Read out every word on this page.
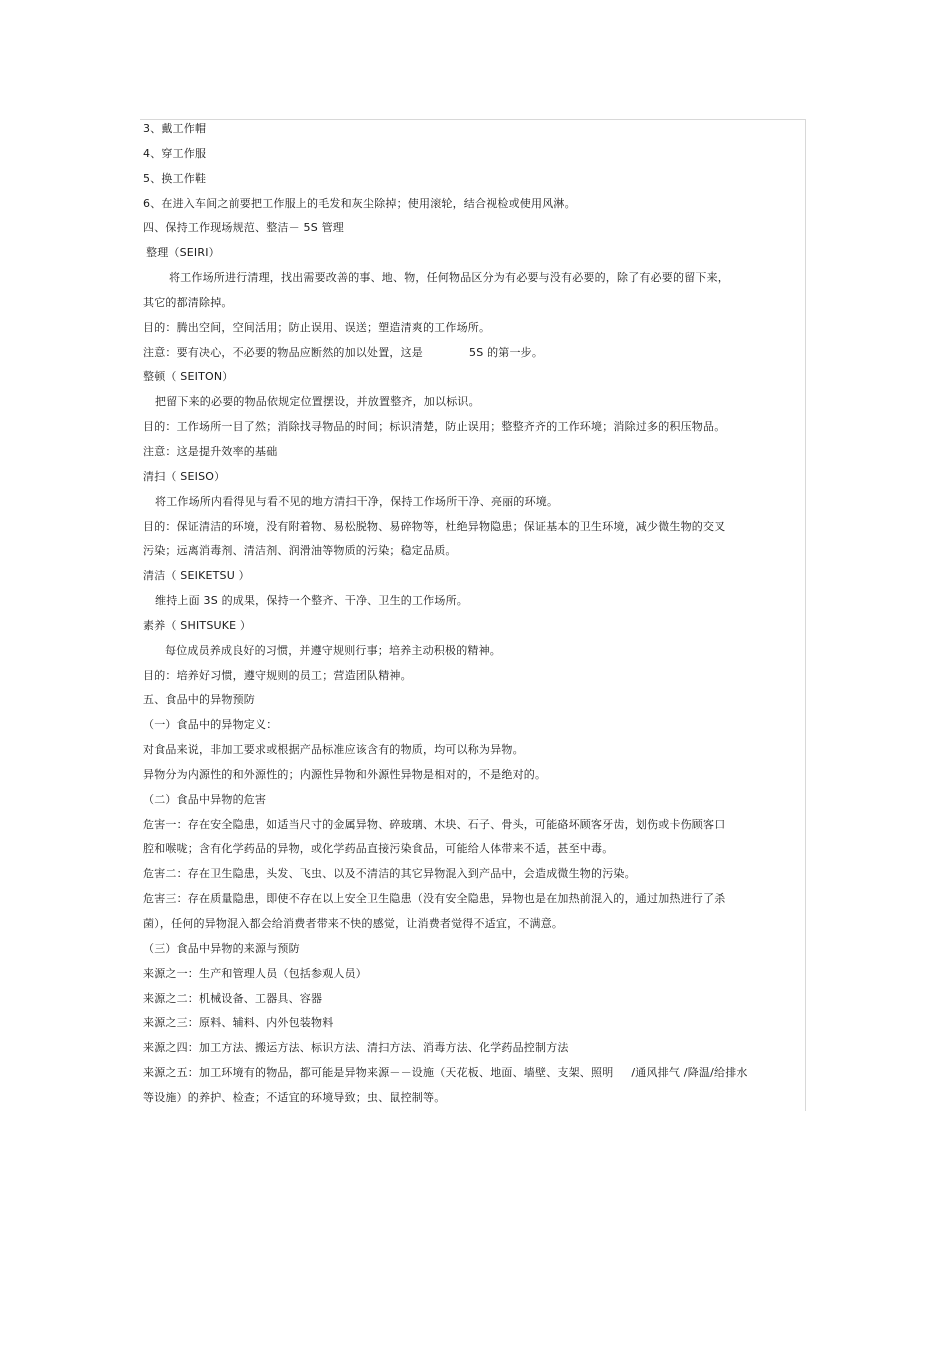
3、戴工作帽
4、穿工作服
5、换工作鞋
6、在进入车间之前要把工作服上的毛发和灰尘除掉；使用滚轮，结合视检或使用风淋。
四、保持工作现场规范、整洁－ 5S 管理
整理（SEIRI）
将工作场所进行清理，找出需要改善的事、地、物，任何物品区分为有必要与没有必要的，除了有必要的留下来，
其它的都清除掉。
目的：腾出空间，空间活用；防止误用、误送；塑造清爽的工作场所。
注意：要有决心，不必要的物品应断然的加以处置，这是	5S 的第一步。
整顿（ SEITON）
把留下来的必要的物品依规定位置摆设，并放置整齐，加以标识。
目的：工作场所一目了然；消除找寻物品的时间；标识清楚，防止误用；整整齐齐的工作环境；消除过多的积压物品。
注意：这是提升效率的基础
清扫（ SEISO）
将工作场所内看得见与看不见的地方清扫干净，保持工作场所干净、亮丽的环境。
目的：保证清洁的环境，没有附着物、易松脱物、易碎物等，杜绝异物隐患；保证基本的卫生环境，减少微生物的交叉
污染；远离消毒剂、清洁剂、润滑油等物质的污染；稳定品质。
清洁（ SEIKETSU ）
维持上面 3S 的成果，保持一个整齐、干净、卫生的工作场所。
素养（ SHITSUKE ）
每位成员养成良好的习惯，并遵守规则行事；培养主动积极的精神。
目的：培养好习惯，遵守规则的员工；营造团队精神。
五、食品中的异物预防
（一）食品中的异物定义：
对食品来说，非加工要求或根据产品标准应该含有的物质，均可以称为异物。
异物分为内源性的和外源性的；内源性异物和外源性异物是相对的，不是绝对的。
（二）食品中异物的危害
危害一：存在安全隐患，如适当尺寸的金属异物、碎玻璃、木块、石子、骨头，可能硌坏顾客牙齿，划伤或卡伤顾客口
腔和喉咙；含有化学药品的异物，或化学药品直接污染食品，可能给人体带来不适，甚至中毒。
危害二：存在卫生隐患，头发、飞虫、以及不清洁的其它异物混入到产品中，会造成微生物的污染。
危害三：存在质量隐患，即使不存在以上安全卫生隐患（没有安全隐患，异物也是在加热前混入的，通过加热进行了杀
菌），任何的异物混入都会给消费者带来不快的感觉，让消费者觉得不适宜，不满意。
（三）食品中异物的来源与预防
来源之一：生产和管理人员（包括参观人员）
来源之二：机械设备、工器具、容器
来源之三：原料、辅料、内外包装物料
来源之四：加工方法、搬运方法、标识方法、清扫方法、消毒方法、化学药品控制方法
来源之五：加工环境有的物品，都可能是异物来源－－设施（天花板、地面、墙壁、支架、照明 /通风排气 /降温/给排水
等设施）的养护、检查；不适宜的环境导致；虫、鼠控制等。
